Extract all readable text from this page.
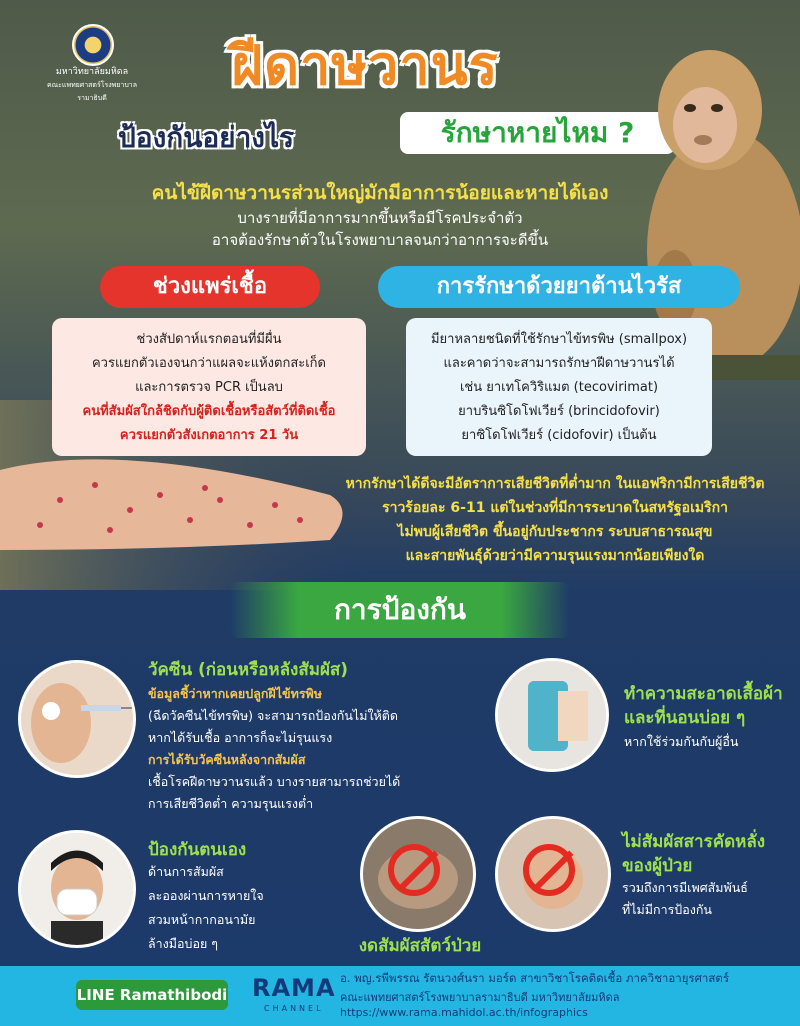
มหาวิทยาลัยมหิดล
คณะแพทยศาสตร์โรงพยาบาลรามาธิบดี
ฝีดาษวานร
ป้องกันอย่างไร	รักษาหายไหม ?
คนไข้ฝีดาษวานรส่วนใหญ่มักมีอาการน้อยและหายได้เอง
บางรายที่มีอาการมากขึ้นหรือมีโรคประจำตัว
อาจต้องรักษาตัวในโรงพยาบาลจนกว่าอาการจะดีขึ้น
ช่วงแพร่เชื้อ	การรักษาด้วยยาต้านไวรัส
ช่วงสัปดาห์แรกตอนที่มีผื่น
ควรแยกตัวเองจนกว่าแผลจะแห้งตกสะเก็ด
และการตรวจ PCR เป็นลบ
คนที่สัมผัสใกล้ชิดกับผู้ติดเชื้อหรือสัตว์ที่ติดเชื้อ
ควรแยกตัวสังเกตอาการ 21 วัน
มียาหลายชนิดที่ใช้รักษาไข้ทรพิษ (smallpox)
และคาดว่าจะสามารถรักษาฝีดาษวานรได้
เช่น ยาเทโควิริแมต (tecovirimat)
ยาบรินซิโดโฟเวียร์ (brincidofovir)
ยาซิโดโฟเวียร์ (cidofovir) เป็นต้น
หากรักษาได้ดีจะมีอัตราการเสียชีวิตที่ต่ำมาก ในแอฟริกามีการเสียชีวิต
ราวร้อยละ 6-11 แต่ในช่วงที่มีการระบาดในสหรัฐอเมริกา
ไม่พบผู้เสียชีวิต ขึ้นอยู่กับประชากร ระบบสาธารณสุข
และสายพันธุ์ด้วยว่ามีความรุนแรงมากน้อยเพียงใด
การป้องกัน
วัคซีน (ก่อนหรือหลังสัมผัส)
ข้อมูลชี้ว่าหากเคยปลูกฝีไข้ทรพิษ
(ฉีดวัคซีนไข้ทรพิษ) จะสามารถป้องกันไม่ให้ติด
หากได้รับเชื้อ อาการก็จะไม่รุนแรง
การได้รับวัคซีนหลังจากสัมผัส
เชื้อโรคฝีดาษวานรแล้ว บางรายสามารถช่วยได้
การเสียชีวิตต่ำ ความรุนแรงต่ำ
ทำความสะอาดเสื้อผ้า
และที่นอนบ่อย ๆ
หากใช้ร่วมกันกับผู้อื่น
ป้องกันตนเอง
ด้านการสัมผัส
ละอองผ่านการหายใจ
สวมหน้ากากอนามัย
ล้างมือบ่อย ๆ	งดสัมผัสสัตว์ป่วย
ไม่สัมผัสสารคัดหลั่ง
ของผู้ป่วย
รวมถึงการมีเพศสัมพันธ์
ที่ไม่มีการป้องกัน
LINE Ramathibodi RAMA
CHANNEL
อ. พญ.รพีพรรณ รัตนวงศ์นรา มอร์ด สาขาวิชาโรคติดเชื้อ ภาควิชาอายุรศาสตร์
คณะแพทยศาสตร์โรงพยาบาลรามาธิบดี มหาวิทยาลัยมหิดล
https://www.rama.mahidol.ac.th/infographics
